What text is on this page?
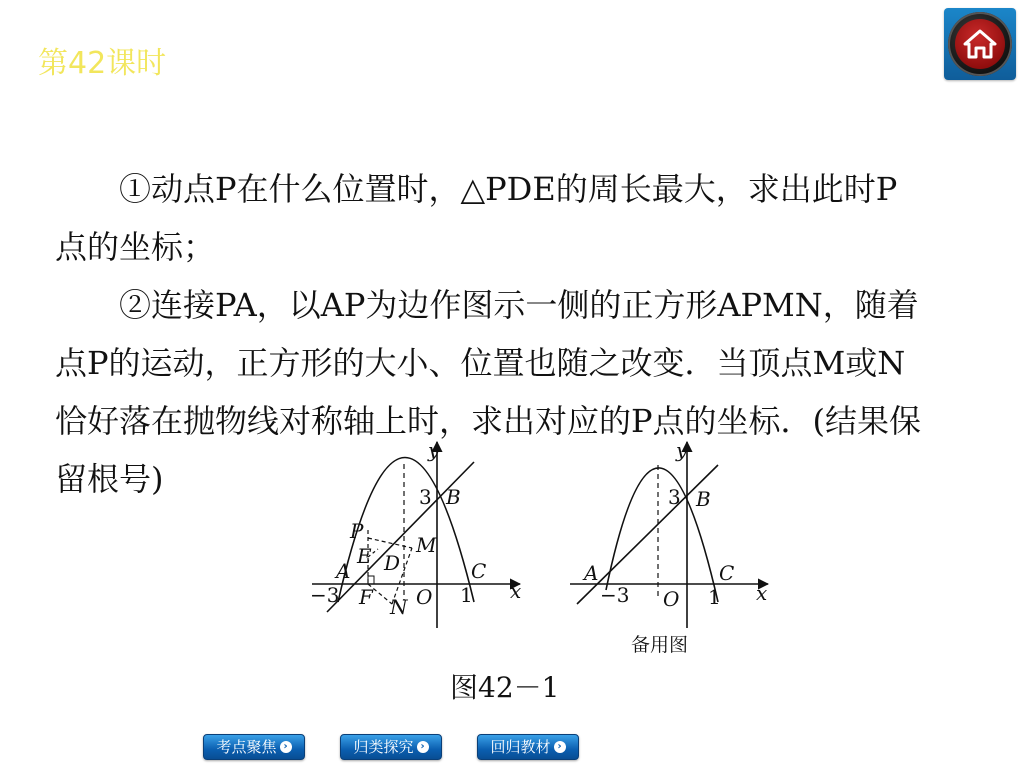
第42课时

①动点P在什么位置时，△PDE的周长最大，求出此时P

点的坐标；

②连接PA，以AP为边作图示一侧的正方形APMN，随着

点P的运动，正方形的大小、位置也随之改变．当顶点M或N

恰好落在抛物线对称轴上时，求出对应的P点的坐标．(结果保

留根号)

y
3 B
P
M
E D
A	C
x
−3 F O 1
N
y
3 B
A	C
x
−3 O 1
备用图
图42－1
考点聚焦 ›	归类探究 ›	回归教材 ›
